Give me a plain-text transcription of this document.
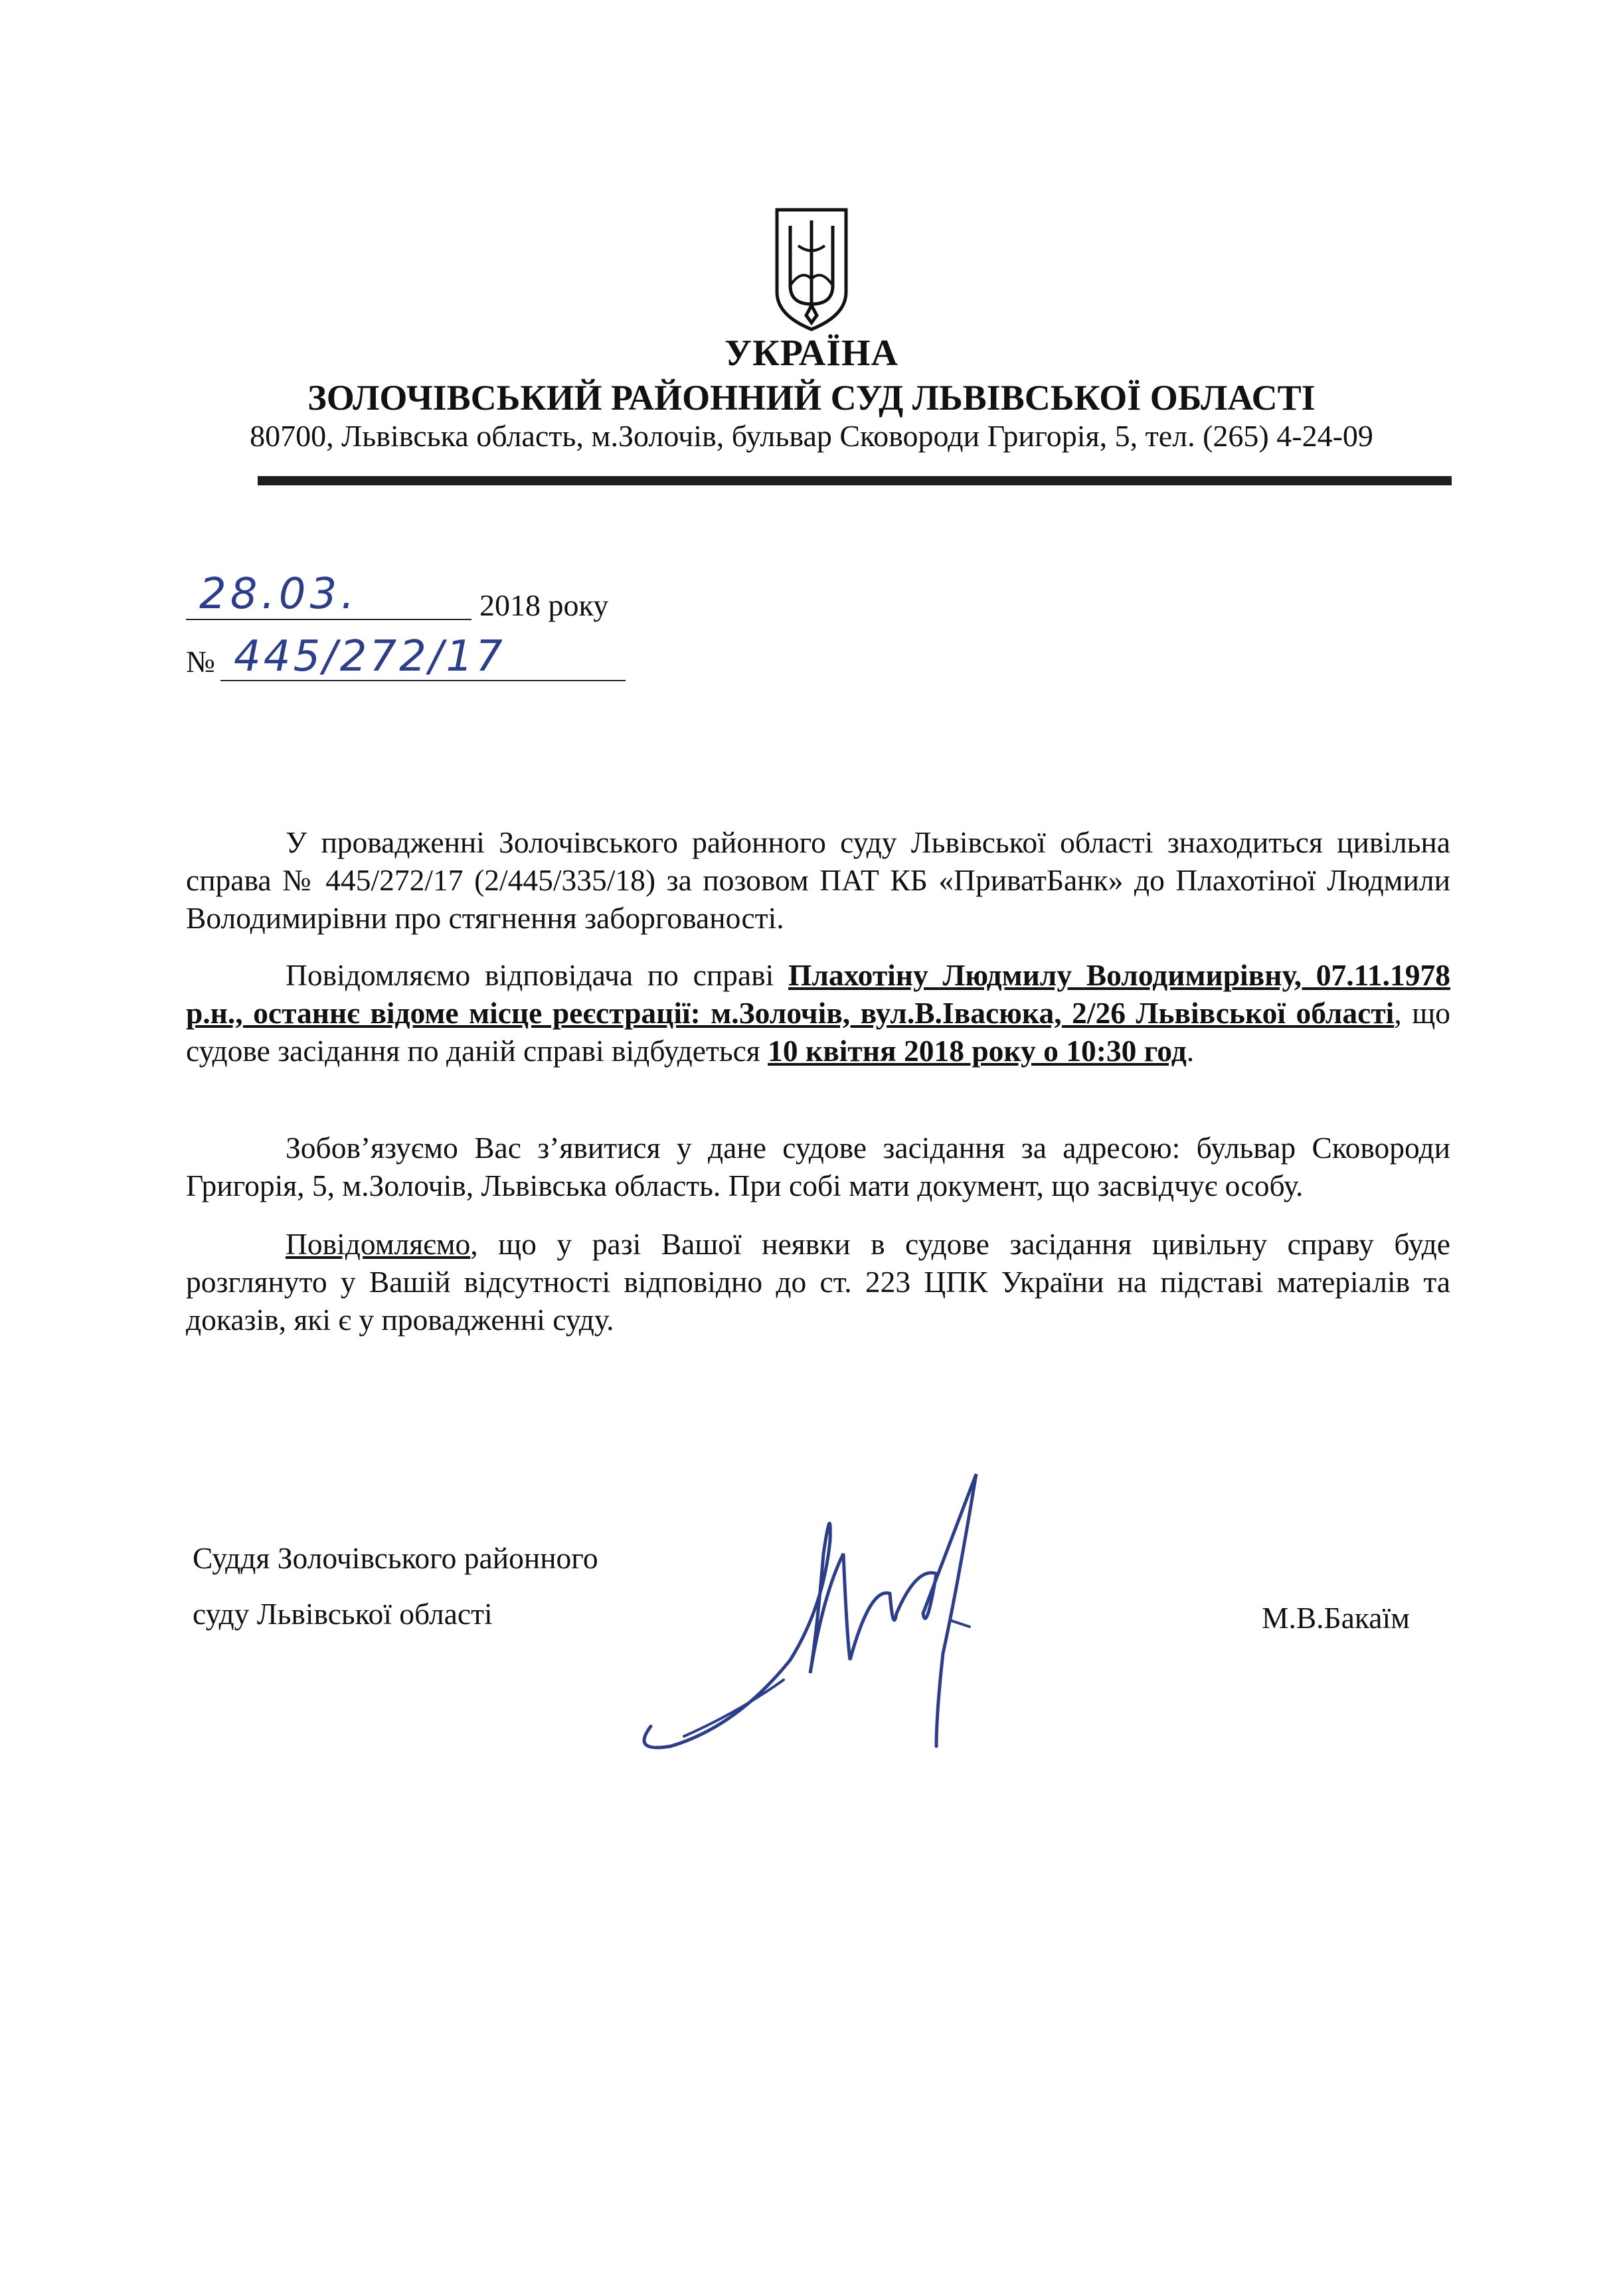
УКРАЇНА
ЗОЛОЧІВСЬКИЙ РАЙОННИЙ СУД ЛЬВІВСЬКОЇ ОБЛАСТІ
80700, Львівська область, м.Золочів, бульвар Сковороди Григорія, 5, тел. (265) 4-24-09
28.03.	2018 року
№ 445/272/17

У провадженні Золочівського районного суду Львівської області знаходиться цивільна справа № 445/272/17 (2/445/335/18) за позовом ПАТ КБ «ПриватБанк» до Плахотіної Людмили Володимирівни про стягнення заборгованості.

Повідомляємо відповідача по справі Плахотіну Людмилу Володимирівну, 07.11.1978 р.н., останнє відоме місце реєстрації: м.Золочів, вул.В.Івасюка, 2/26 Львівської області, що судове засідання по даній справі відбудеться 10 квітня 2018 року о 10:30 год.

Зобов’язуємо Вас з’явитися у дане судове засідання за адресою: бульвар Сковороди Григорія, 5, м.Золочів, Львівська область. При собі мати документ, що засвідчує особу.

Повідомляємо, що у разі Вашої неявки в судове засідання цивільну справу буде розглянуто у Вашій відсутності відповідно до ст. 223 ЦПК України на підставі матеріалів та доказів, які є у провадженні суду.

Суддя Золочівського районного
суду Львівської області	М.В.Бакаїм
